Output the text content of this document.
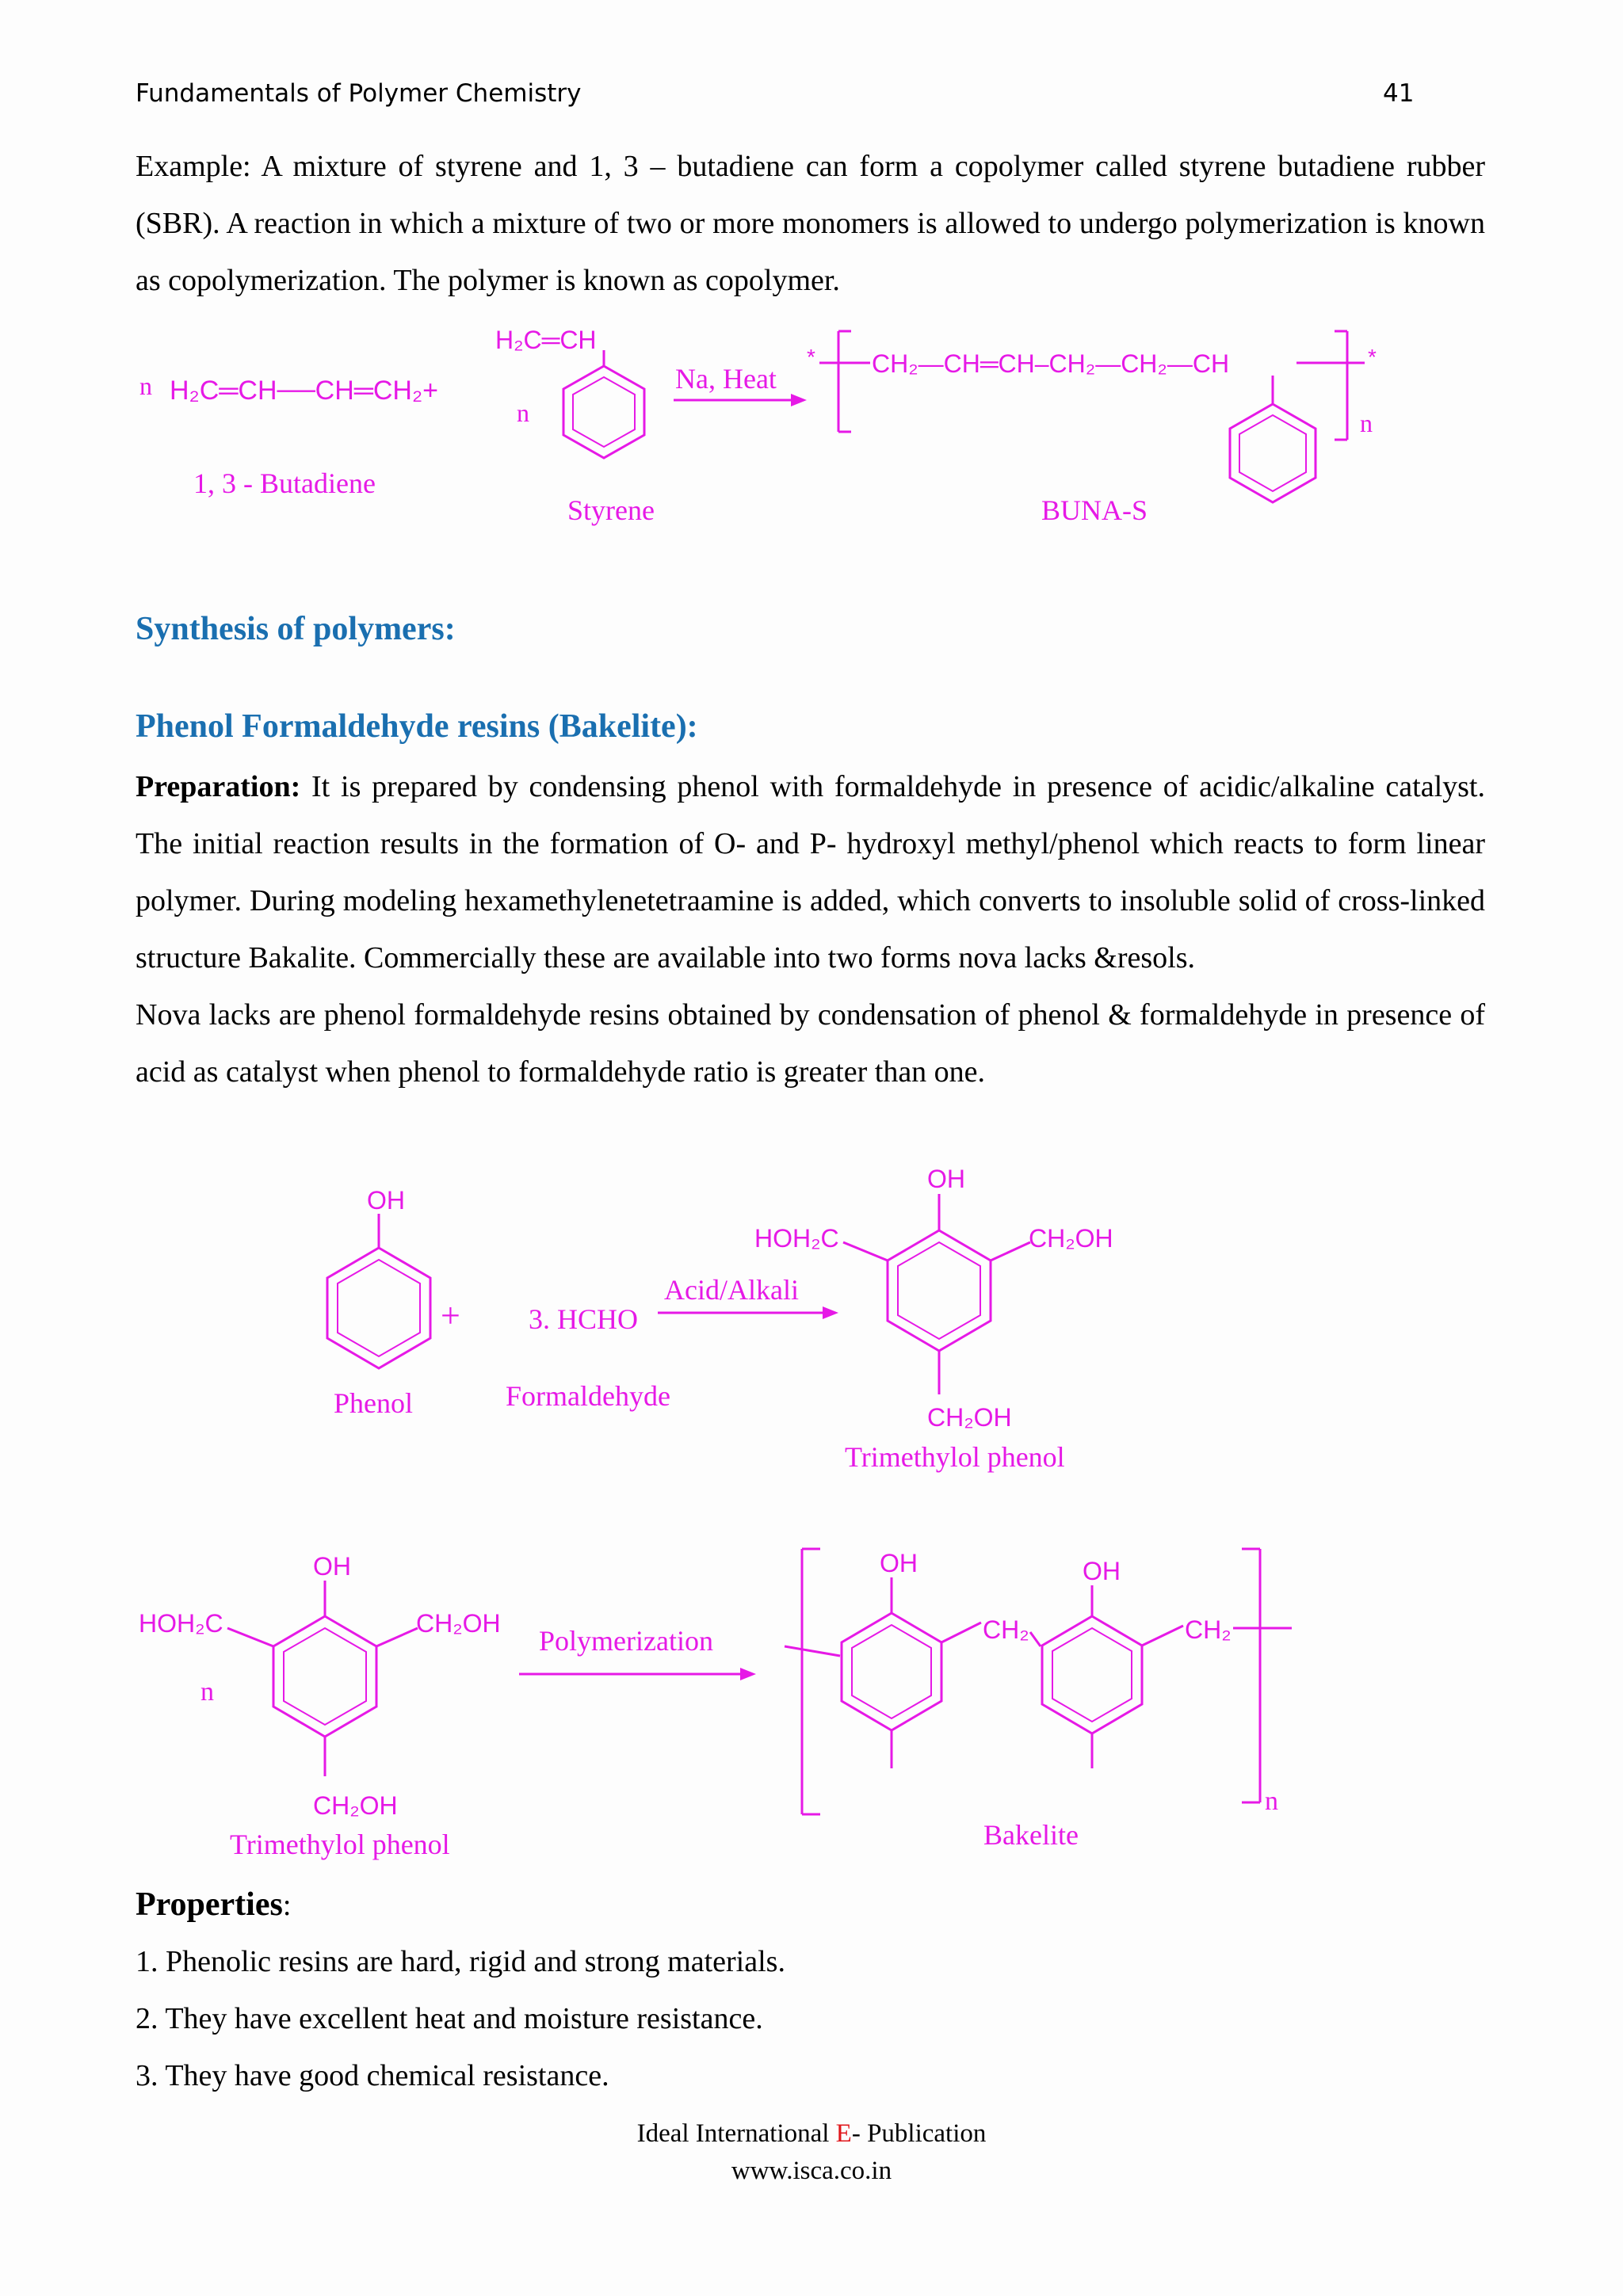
Fundamentals of Polymer Chemistry	41

Example: A mixture of styrene and 1, 3 – butadiene can form a copolymer called styrene butadiene rubber (SBR). A reaction in which a mixture of two or more monomers is allowed to undergo polymerization is known as copolymerization. The polymer is known as copolymer.

n H₂C═CH──CH═CH₂+
1, 3 - Butadiene
H₂C═CH
n
Styrene
Na, Heat
* CH₂—CH═CH–CH₂—CH₂—CH	*
n
BUNA-S
Synthesis of polymers:
Phenol Formaldehyde resins (Bakelite):

Preparation: It is prepared by condensing phenol with formaldehyde in presence of acidic/alkaline catalyst. The initial reaction results in the formation of O- and P- hydroxyl methyl/phenol which reacts to form linear polymer. During modeling hexamethylenetetraamine is added, which converts to insoluble solid of cross-linked structure Bakalite. Commercially these are available into two forms nova lacks &resols.

Nova lacks are phenol formaldehyde resins obtained by condensation of phenol & formaldehyde in presence of acid as catalyst when phenol to formaldehyde ratio is greater than one.

OH
+
Phenol
3. HCHO
Formaldehyde
Acid/Alkali
OH
HOH₂C	CH₂OH
CH₂OH
Trimethylol phenol
OH
HOH₂C	CH₂OH
n
CH₂OH
Trimethylol phenol
Polymerization
OH
CH₂
OH
CH₂
n
Bakelite
Properties:
1. Phenolic resins are hard, rigid and strong materials.
2. They have excellent heat and moisture resistance.
3. They have good chemical resistance.
Ideal International E- Publication
www.isca.co.in
